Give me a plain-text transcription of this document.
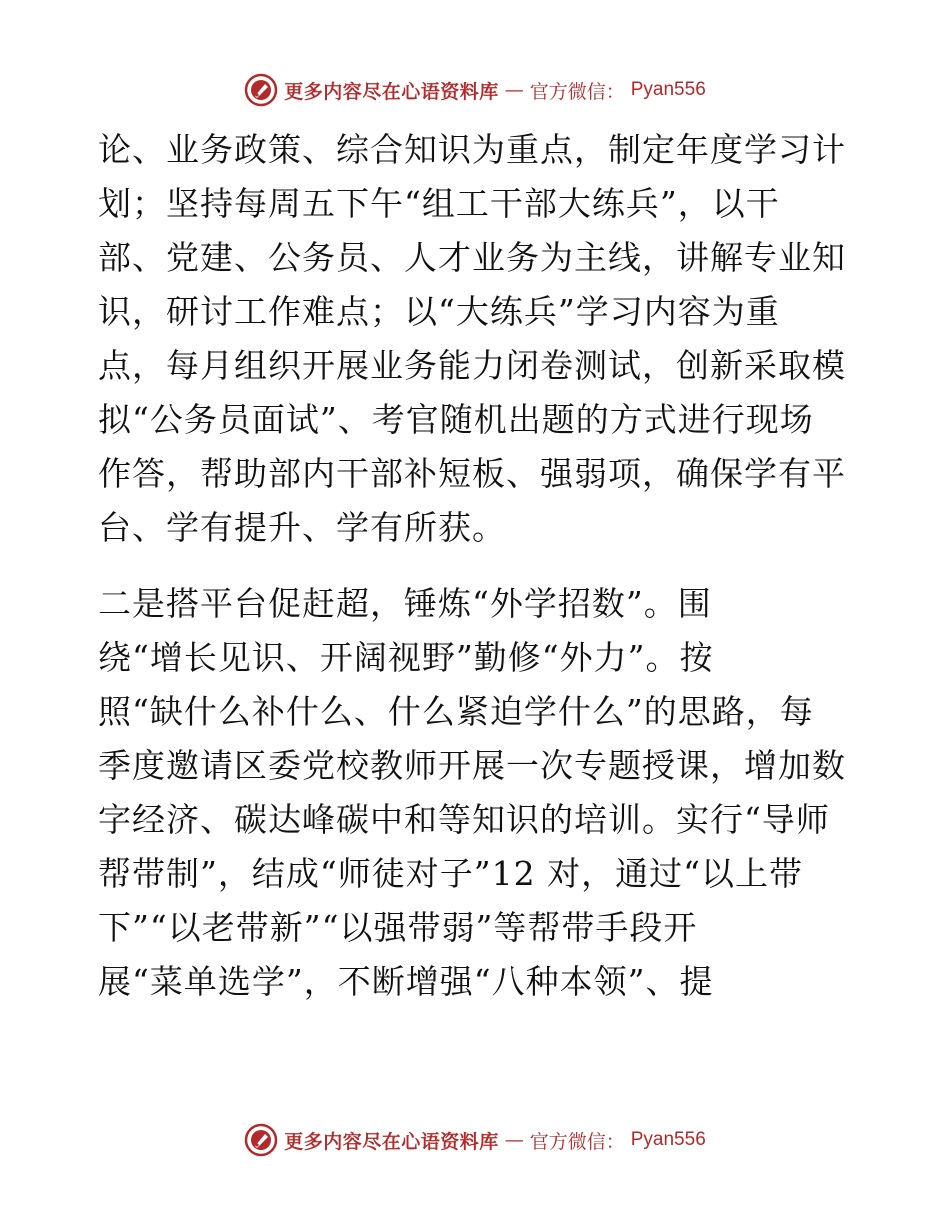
更多内容尽在心语资料库 — 官方微信： Pyan556
论、业务政策、综合知识为重点，制定年度学习计
划；坚持每周五下午“组工干部大练兵”，以干
部、党建、公务员、人才业务为主线，讲解专业知
识，研讨工作难点；以“大练兵”学习内容为重
点，每月组织开展业务能力闭卷测试，创新采取模
拟“公务员面试”、考官随机出题的方式进行现场
作答，帮助部内干部补短板、强弱项，确保学有平
台、学有提升、学有所获。
二是搭平台促赶超，锤炼“外学招数”。围
绕“增长见识、开阔视野”勤修“外力”。按
照“缺什么补什么、什么紧迫学什么”的思路，每
季度邀请区委党校教师开展一次专题授课，增加数
字经济、碳达峰碳中和等知识的培训。实行“导师
帮带制”，结成“师徒对子”12 对，通过“以上带
下”“以老带新”“以强带弱”等帮带手段开
展“菜单选学”，不断增强“八种本领”、提
更多内容尽在心语资料库 — 官方微信： Pyan556
